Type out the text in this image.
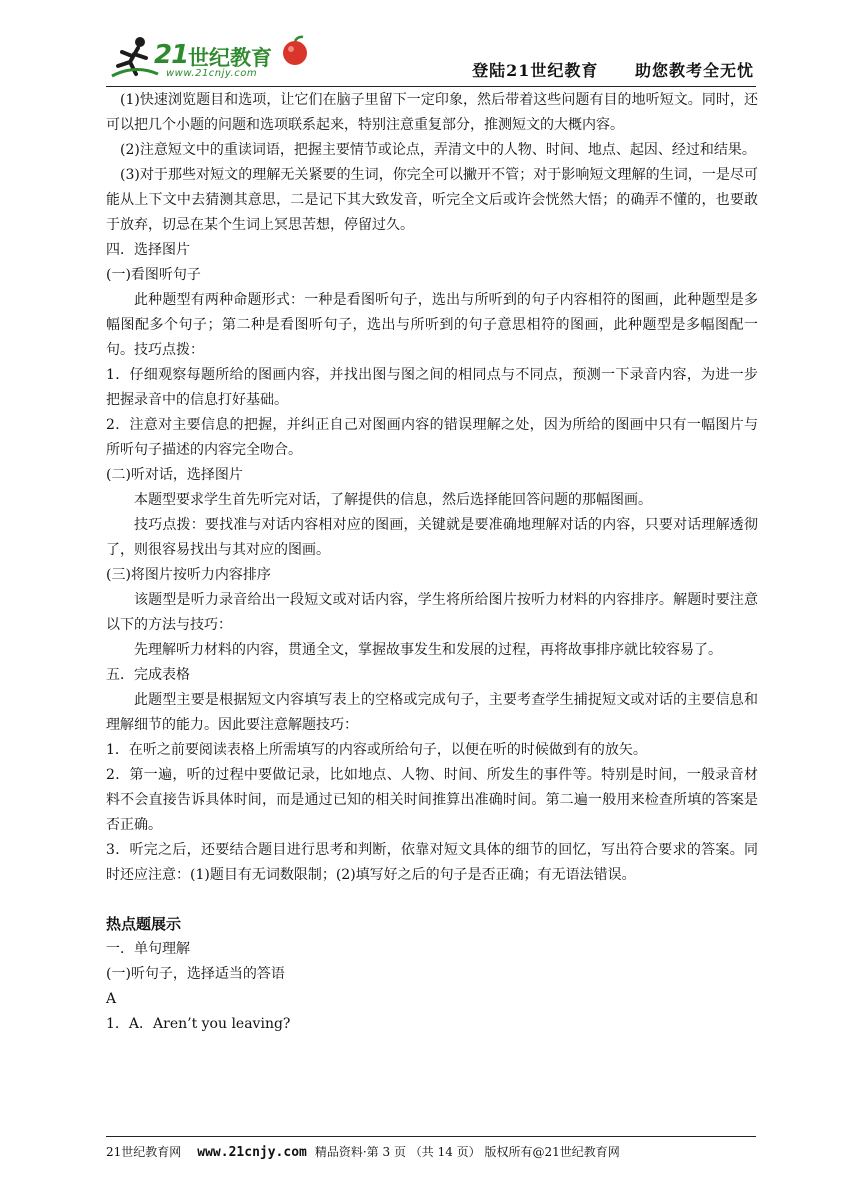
21 世纪教育
www.21cnjy.com	登陆21世纪教育 助您教考全无忧

(1)快速浏览题目和选项，让它们在脑子里留下一定印象，然后带着这些问题有目的地听短文。同时，还可以把几个小题的问题和选项联系起来，特别注意重复部分，推测短文的大概内容。

(2)注意短文中的重读词语，把握主要情节或论点，弄清文中的人物、时间、地点、起因、经过和结果。

(3)对于那些对短文的理解无关紧要的生词，你完全可以撇开不管；对于影响短文理解的生词，一是尽可能从上下文中去猜测其意思，二是记下其大致发音，听完全文后或许会恍然大悟；的确弄不懂的，也要敢于放弃，切忌在某个生词上冥思苦想，停留过久。

四．选择图片

(一)看图听句子

此种题型有两种命题形式：一种是看图听句子，选出与所听到的句子内容相符的图画，此种题型是多幅图配多个句子；第二种是看图听句子，选出与所听到的句子意思相符的图画，此种题型是多幅图配一句。技巧点拨：

1．仔细观察每题所给的图画内容，并找出图与图之间的相同点与不同点，预测一下录音内容，为进一步把握录音中的信息打好基础。

2．注意对主要信息的把握，并纠正自己对图画内容的错误理解之处，因为所给的图画中只有一幅图片与所听句子描述的内容完全吻合。

(二)听对话，选择图片

本题型要求学生首先听完对话，了解提供的信息，然后选择能回答问题的那幅图画。

技巧点拨：要找准与对话内容相对应的图画，关键就是要准确地理解对话的内容，只要对话理解透彻了，则很容易找出与其对应的图画。

(三)将图片按听力内容排序

该题型是听力录音给出一段短文或对话内容，学生将所给图片按听力材料的内容排序。解题时要注意以下的方法与技巧：

先理解听力材料的内容，贯通全文，掌握故事发生和发展的过程，再将故事排序就比较容易了。

五．完成表格

此题型主要是根据短文内容填写表上的空格或完成句子，主要考查学生捕捉短文或对话的主要信息和理解细节的能力。因此要注意解题技巧：

1．在听之前要阅读表格上所需填写的内容或所给句子，以便在听的时候做到有的放矢。

2．第一遍，听的过程中要做记录，比如地点、人物、时间、所发生的事件等。特别是时间，一般录音材料不会直接告诉具体时间，而是通过已知的相关时间推算出准确时间。第二遍一般用来检查所填的答案是否正确。

3．听完之后，还要结合题目进行思考和判断，依靠对短文具体的细节的回忆，写出符合要求的答案。同时还应注意：(1)题目有无词数限制；(2)填写好之后的句子是否正确；有无语法错误。

热点题展示

一．单句理解

(一)听句子，选择适当的答语

A

1．A．Aren’t you leaving?

21世纪教育网 www.21cnjy.com 精品资料·第 3 页 （共 14 页） 版权所有@21世纪教育网
